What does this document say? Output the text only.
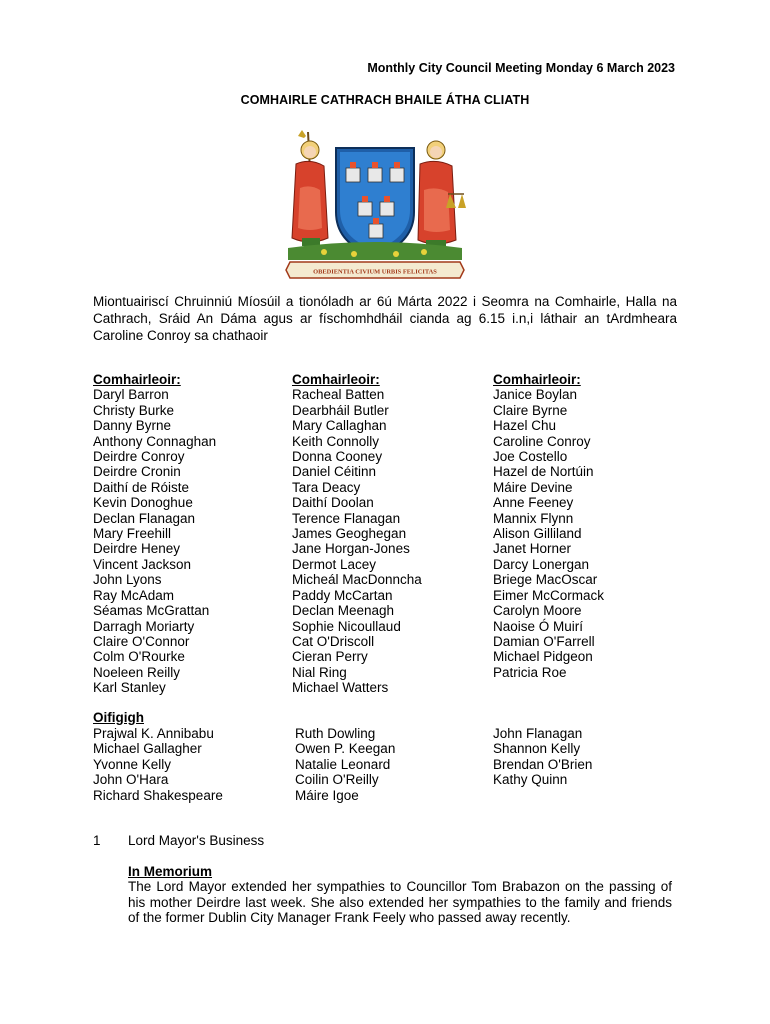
Monthly City Council Meeting Monday 6 March 2023
COMHAIRLE CATHRACH BHAILE ÁTHA CLIATH
OBEDIENTIA CIVIUM URBIS FELICITAS
Miontuairiscí Chruinniú Míosúil a tionóladh ar 6ú Márta 2022 i Seomra na Comhairle, Halla na Cathrach, Sráid An Dáma agus ar físchomhdháil cianda ag 6.15 i.n,i láthair an tArdmheara Caroline Conroy sa chathaoir
Comhairleoir:
Daryl Barron
Christy Burke
Danny Byrne
Anthony Connaghan
Deirdre Conroy
Deirdre Cronin
Daithí de Róiste
Kevin Donoghue
Declan Flanagan
Mary Freehill
Deirdre Heney
Vincent Jackson
John Lyons
Ray McAdam
Séamas McGrattan
Darragh Moriarty
Claire O'Connor
Colm O'Rourke
Noeleen Reilly
Karl Stanley
Comhairleoir:
Racheal Batten
Dearbháil Butler
Mary Callaghan
Keith Connolly
Donna Cooney
Daniel Céitinn
Tara Deacy
Daithí Doolan
Terence Flanagan
James Geoghegan
Jane Horgan-Jones
Dermot Lacey
Micheál MacDonncha
Paddy McCartan
Declan Meenagh
Sophie Nicoullaud
Cat O'Driscoll
Cieran Perry
Nial Ring
Michael Watters
Comhairleoir:
Janice Boylan
Claire Byrne
Hazel Chu
Caroline Conroy
Joe Costello
Hazel de Nortúin
Máire Devine
Anne Feeney
Mannix Flynn
Alison Gilliland
Janet Horner
Darcy Lonergan
Briege MacOscar
Eimer McCormack
Carolyn Moore
Naoise Ó Muirí
Damian O'Farrell
Michael Pidgeon
Patricia Roe
Oifigigh
Prajwal K. Annibabu
Michael Gallagher
Yvonne Kelly
John O'Hara
Richard Shakespeare
Ruth Dowling
Owen P. Keegan
Natalie Leonard
Coilin O'Reilly
Máire Igoe
John Flanagan
Shannon Kelly
Brendan O'Brien
Kathy Quinn
1 Lord Mayor's Business
In Memorium
The Lord Mayor extended her sympathies to Councillor Tom Brabazon on the passing of his mother Deirdre last week. She also extended her sympathies to the family and friends of the former Dublin City Manager Frank Feely who passed away recently.
